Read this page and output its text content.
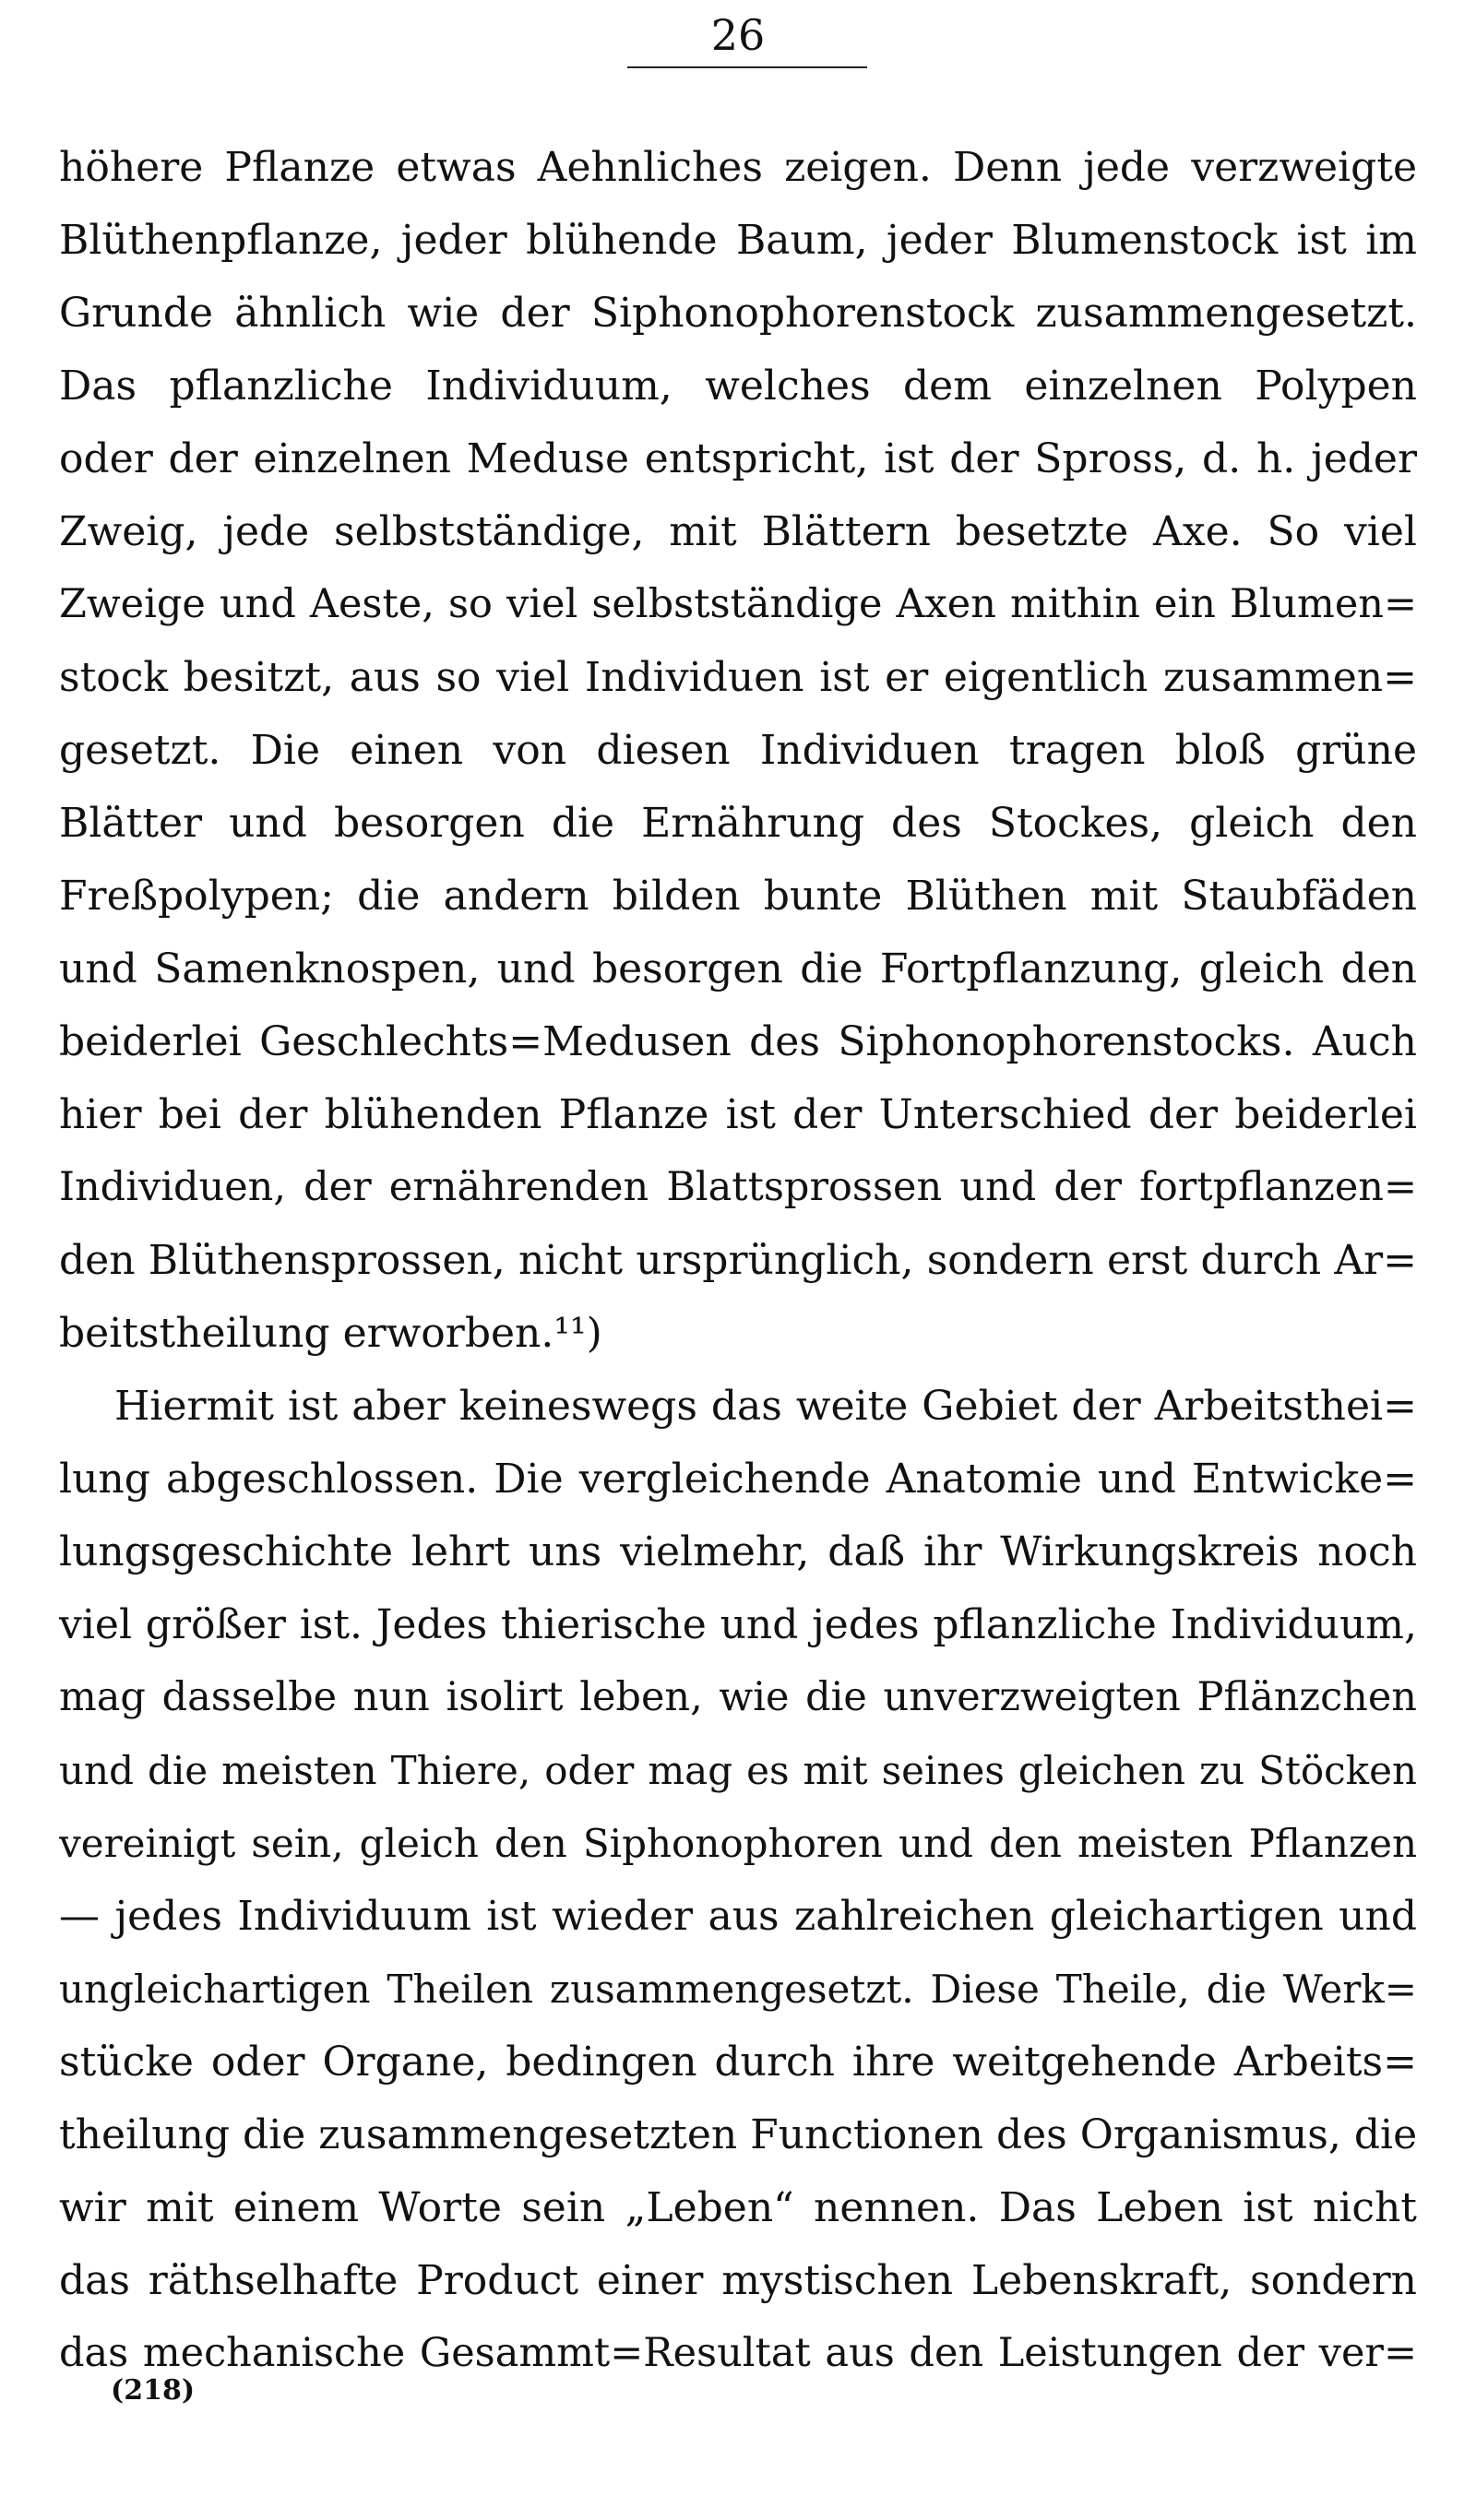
26
höhere Pflanze etwas Aehnliches zeigen. Denn jede verzweigte
Blüthenpflanze, jeder blühende Baum, jeder Blumenstock ist im
Grunde ähnlich wie der Siphonophorenstock zusammengesetzt.
Das pflanzliche Individuum, welches dem einzelnen Polypen
oder der einzelnen Meduse entspricht, ist der Spross, d. h. jeder
Zweig, jede selbstständige, mit Blättern besetzte Axe. So viel
Zweige und Aeste, so viel selbstständige Axen mithin ein Blumen=
stock besitzt, aus so viel Individuen ist er eigentlich zusammen=
gesetzt. Die einen von diesen Individuen tragen bloß grüne
Blätter und besorgen die Ernährung des Stockes, gleich den
Freßpolypen; die andern bilden bunte Blüthen mit Staubfäden
und Samenknospen, und besorgen die Fortpflanzung, gleich den
beiderlei Geschlechts=Medusen des Siphonophorenstocks. Auch
hier bei der blühenden Pflanze ist der Unterschied der beiderlei
Individuen, der ernährenden Blattsprossen und der fortpflanzen=
den Blüthensprossen, nicht ursprünglich, sondern erst durch Ar=
beitstheilung erworben.¹¹)
Hiermit ist aber keineswegs das weite Gebiet der Arbeitsthei=
lung abgeschlossen. Die vergleichende Anatomie und Entwicke=
lungsgeschichte lehrt uns vielmehr, daß ihr Wirkungskreis noch
viel größer ist. Jedes thierische und jedes pflanzliche Individuum,
mag dasselbe nun isolirt leben, wie die unverzweigten Pflänzchen
und die meisten Thiere, oder mag es mit seines gleichen zu Stöcken
vereinigt sein, gleich den Siphonophoren und den meisten Pflanzen
— jedes Individuum ist wieder aus zahlreichen gleichartigen und
ungleichartigen Theilen zusammengesetzt. Diese Theile, die Werk=
stücke oder Organe, bedingen durch ihre weitgehende Arbeits=
theilung die zusammengesetzten Functionen des Organismus, die
wir mit einem Worte sein „Leben“ nennen. Das Leben ist nicht
das räthselhafte Product einer mystischen Lebenskraft, sondern
das mechanische Gesammt=Resultat aus den Leistungen der ver=
(218)
